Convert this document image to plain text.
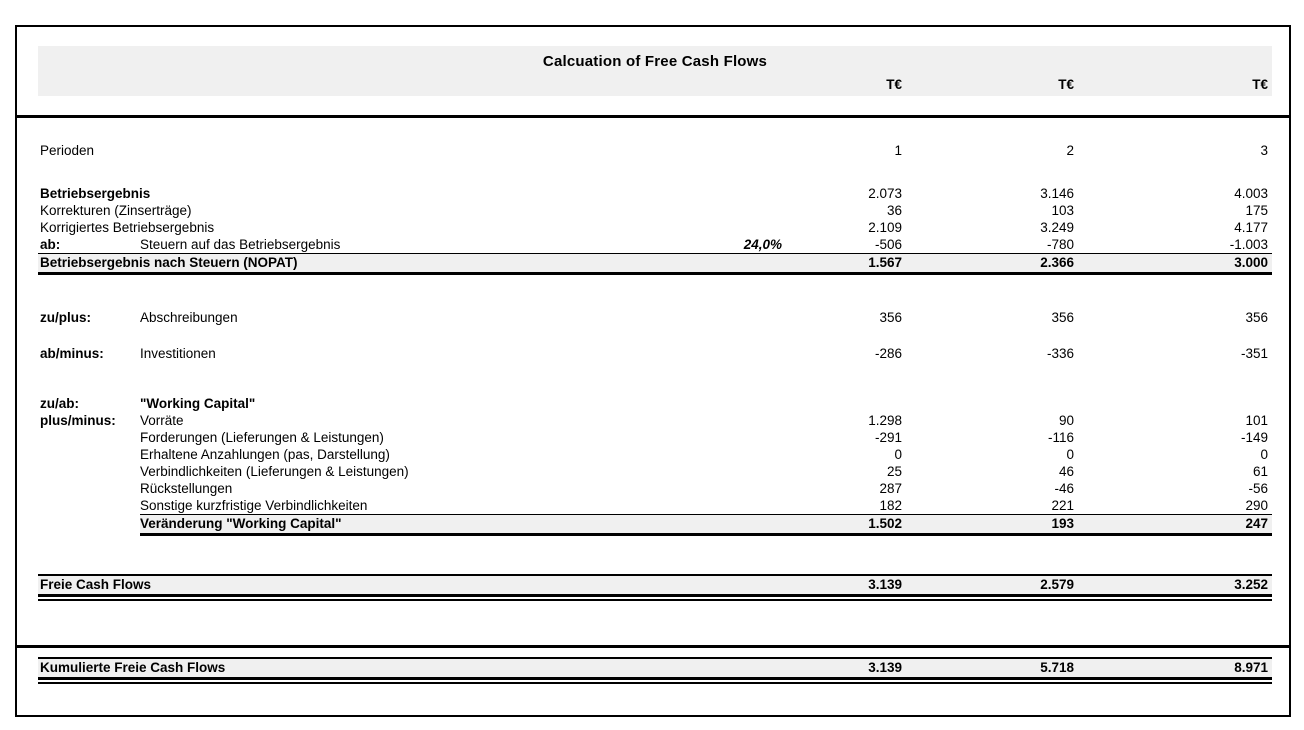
Calcuation of Free Cash Flows
T€	T€	T€
Perioden	1	2	3
Betriebsergebnis	2.073	3.146	4.003
Korrekturen (Zinserträge)	36	103	175
Korrigiertes Betriebsergebnis	2.109	3.249	4.177
ab:	Steuern auf das Betriebsergebnis	24,0%	-506	-780	-1.003
Betriebsergebnis nach Steuern (NOPAT)	1.567	2.366	3.000
zu/plus:	Abschreibungen	356	356	356
ab/minus:	Investitionen	-286	-336	-351
zu/ab:	"Working Capital"
plus/minus:	Vorräte	1.298	90	101
Forderungen (Lieferungen & Leistungen)	-291	-116	-149
Erhaltene Anzahlungen (pas, Darstellung)	0	0	0
Verbindlichkeiten (Lieferungen & Leistungen)	25	46	61
Rückstellungen	287	-46	-56
Sonstige kurzfristige Verbindlichkeiten	182	221	290
Veränderung "Working Capital"	1.502	193	247
Freie Cash Flows	3.139	2.579	3.252
Kumulierte Freie Cash Flows	3.139	5.718	8.971
